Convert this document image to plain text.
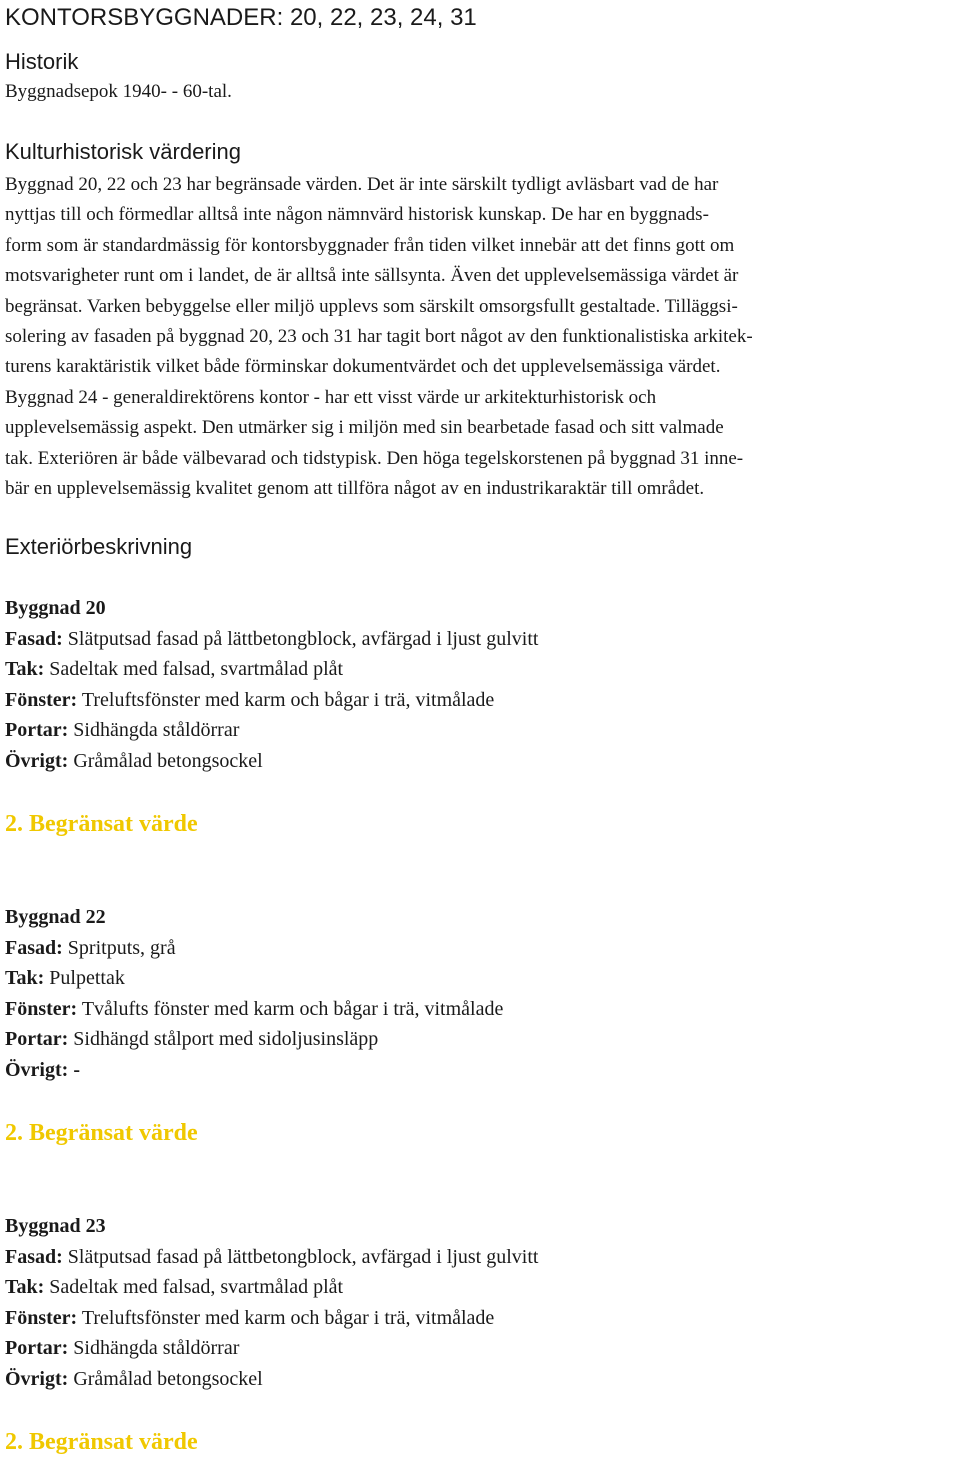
KONTORSBYGGNADER: 20, 22, 23, 24, 31
Historik
Byggnadsepok 1940- - 60-tal.
Kulturhistorisk värdering
Byggnad 20, 22 och 23 har begränsade värden. Det är inte särskilt tydligt avläsbart vad de har
nyttjas till och förmedlar alltså inte någon nämnvärd historisk kunskap. De har en byggnads-
form som är standardmässig för kontorsbyggnader från tiden vilket innebär att det finns gott om
motsvarigheter runt om i landet, de är alltså inte sällsynta. Även det upplevelsemässiga värdet är
begränsat. Varken bebyggelse eller miljö upplevs som särskilt omsorgsfullt gestaltade. Tilläggsi-
solering av fasaden på byggnad 20, 23 och 31 har tagit bort något av den funktionalistiska arkitek-
turens karaktäristik vilket både förminskar dokumentvärdet och det upplevelsemässiga värdet.
Byggnad 24 - generaldirektörens kontor - har ett visst värde ur arkitekturhistorisk och
upplevelsemässig aspekt. Den utmärker sig i miljön med sin bearbetade fasad och sitt valmade
tak. Exteriören är både välbevarad och tidstypisk. Den höga tegelskorstenen på byggnad 31 inne-
bär en upplevelsemässig kvalitet genom att tillföra något av en industrikaraktär till området.
Exteriörbeskrivning
Byggnad 20
Fasad: Slätputsad fasad på lättbetongblock, avfärgad i ljust gulvitt
Tak: Sadeltak med falsad, svartmålad plåt
Fönster: Treluftsfönster med karm och bågar i trä, vitmålade
Portar: Sidhängda ståldörrar
Övrigt: Gråmålad betongsockel
2. Begränsat värde
Byggnad 22
Fasad: Spritputs, grå
Tak: Pulpettak
Fönster: Tvålufts fönster med karm och bågar i trä, vitmålade
Portar: Sidhängd stålport med sidoljusinsläpp
Övrigt: -
2. Begränsat värde
Byggnad 23
Fasad: Slätputsad fasad på lättbetongblock, avfärgad i ljust gulvitt
Tak: Sadeltak med falsad, svartmålad plåt
Fönster: Treluftsfönster med karm och bågar i trä, vitmålade
Portar: Sidhängda ståldörrar
Övrigt: Gråmålad betongsockel
2. Begränsat värde
